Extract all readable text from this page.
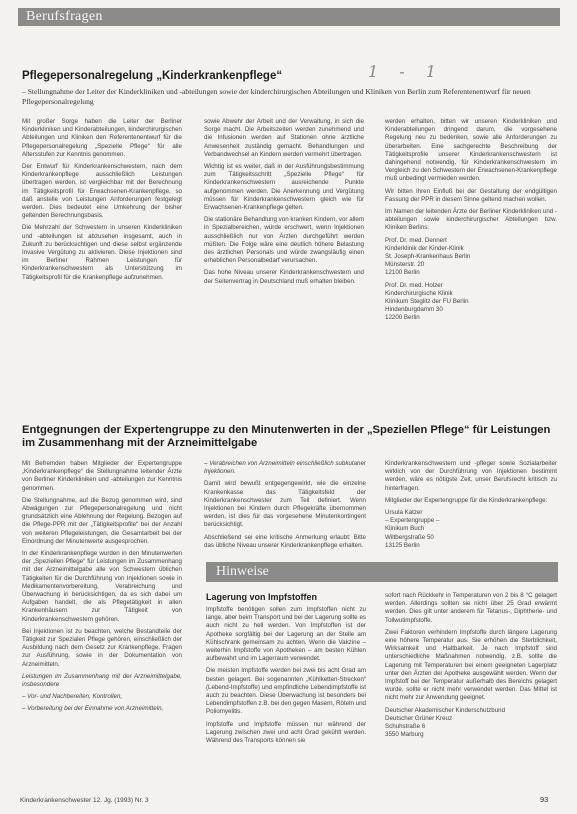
Berufsfragen
Pflegepersonalregelung „Kinderkrankenpflege“	1 - 1
– Stellungnahme der Leiter der Kinderkliniken und -abteilungen sowie der kinderchirurgischen Abteilungen und Kliniken von Berlin zum Referentenentwurf für neuen Pflegepersonalregelung

Mit großer Sorge haben die Leiter der Berliner Kinderkliniken und Kinderabteilungen, kinderchirurgischen Abteilungen und Kliniken den Referentenentwurf für die Pflegepersonalregelung „Spezielle Pflege“ für alle Altersstufen zur Kenntnis genommen.

Der Entwurf für Kinderkrankenschwestern, nach dem Kinderkrankenpflege ausschließlich Leistungen übertragen werden, ist vergleichbar mit der Berechnung im Tätigkeitsprofil für Erwachsenen-Krankenpflege, so daß anstelle von Leistungen Anforderungen festgelegt werden. Dies bedeutet eine Umkehrung der bisher geltenden Berechnungsbasis.

Die Mehrzahl der Schwestern in unseren Kinderkliniken und -abteilungen ist abzusehen insgesamt, auch in Zukunft zu berücksichtigen und diese selbst ergänzende Invasive Vergütung zu aktivieren. Diese Injektionen sind im Berliner Rahmen Leistungen für Kinderkrankenschwestern als Unterstützung im Tätigkeitsprofil für die Krankenpflege aufzunehmen.

sowie Abwehr der Arbeit und der Verwaltung, in sich die Sorge macht. Die Arbeitszeiten werden zunehmend und die Infusionen werden auf Stationen ohne ärztliche Anwesenheit zuständig gemacht. Behandlungen und Verbandwechsel an Kindern werden vermehrt übertragen.

Wichtig ist es weiter, daß in der Ausführungsbestimmung zum Tätigkeitsschritt „Spezielle Pflege“ für Kinderkrankenschwestern ausreichende Punkte aufgenommen werden. Die Anerkennung und Vergütung müssen für Kinderkrankenschwestern gleich wie für Erwachsenen-Krankenpflege gelten.

Die stationäre Behandlung von kranken Kindern, vor allem in Spezialbereichen, würde erschwert, wenn Injektionen ausschließlich nur von Ärzten durchgeführt werden müßten. Die Folge wäre eine deutlich höhere Belastung des ärztlichen Personals und würde zwangsläufig einen erheblichen Personalbedarf verursachen.

Das hohe Niveau unserer Kinderkrankenschwestern und der Seitenvertrag in Deutschland muß erhalten bleiben.

werden erhalten, bitten wir unseren Kinderkliniken und Kinderabteilungen dringend darum, die vorgesehene Regelung neu zu bedenken, sowie alle Anforderungen zu überarbeiten. Eine sachgerechte Beschreibung der Tätigkeitsprofile unserer Kinderkrankenschwestern ist dahingehend notwendig, für Kinderkrankenschwestern im Vergleich zu den Schwestern der Erwachsenen-Krankenpflege muß unbedingt vermieden werden.

Wir bitten Ihren Einfluß bei der Gestaltung der endgültigen Fassung der PPR in diesem Sinne geltend machen wollen.

Im Namen der leitenden Ärzte der Berliner Kinderkliniken und -abteilungen sowie kinderchirurgischer Abteilungen bzw. Kliniken Berlins:

Prof. Dr. med. Dennert
Kinderklinik der Kinder-Klinik
St. Joseph-Krankenhaus Berlin
Münsterstr. 20
12100 Berlin

Prof. Dr. med. Holzer
Kinderchirurgische Klinik
Klinikum Steglitz der FU Berlin
Hindenburgdamm 30
12200 Berlin

Entgegnungen der Expertengruppe zu den Minutenwerten in der „Speziellen Pflege“ für Leistungen im Zusammenhang mit der Arzneimittelgabe

Mit Befremden haben Mitglieder der Expertengruppe „Kinderkrankenpflege“ die Stellungnahme leitender Ärzte von Berliner Kinderkliniken und -abteilungen zur Kenntnis genommen.

Die Stellungnahme, auf die Bezug genommen wird, sind Abwägungen zur Pflegepersonalregelung und nicht grundsätzlich eine Ablehnung der Regelung. Bezogen auf die Pflege-PPR mit der „Tätigkeitsprofile“ bei der Anzahl von weiteren Pflegeleistungen, die Gesamtarbeit bei der Einordnung der Minutenwerte ausgesprochen.

In der Kinderkrankenpflege wurden in den Minutenwerten der „Speziellen Pflege“ für Leistungen im Zusammenhang mit der Arzneimittelgabe alle von Schwestern üblichen Tätigkeiten für die Durchführung von Injektionen sowie in Medikamentenvorbereitung, Verabreichung und Überwachung in berücksichtigen, da es sich dabei um Aufgaben handelt, die als Pflegetätigkeit in allen Krankenhäusern zur Tätigkeit von Kinderkrankenschwestern gehören.

Bei Injektionen ist zu beachten, welche Bestandteile der Tätigkeit zur Spezialen Pflege gehören, einschließlich der Ausbildung nach dem Gesetz zur Krankenpflege, Fragen zur Ausführung, sowie in der Dokumentation von Arzneimitteln.

Leistungen im Zusammenhang mit der Arzneimittelgabe, insbesondere

– Vor- und Nachbereiten, Kontrollen,

– Vorbereitung bei der Einnahme von Arzneimitteln,

– Verabreichen von Arzneimitteln einschließlich subkutaner Injektionen.

Damit wird bewußt entgegengewirkt, wie die einzelne Krankenkasse das Tätigkeitsfeld der Kinderkrankenschwester zum Teil definiert. Wenn Injektionen bei Kindern durch Pflegekräfte übernommen werden, ist dies für das vorgesehene Minutenkontingent berücksichtigt.

Abschließend sei eine kritische Anmerkung erlaubt: Bitte das übliche Niveau unserer Kinderkrankenpflege erhalten.

Kinderkrankenschwestern und -pfleger sowie Sozialarbeiter wirklich von der Durchführung von Injektionen bestimmt werden, wäre es nötigste Zeit, unser Berufsrecht kritisch zu hinterfragen.

Mitglieder der Expertengruppe für die Kinderkrankenpflege:

Ursula Katzer
– Expertengruppe –
Klinikum Buch
Wiltbergstraße 50
13125 Berlin

Hinweise
Lagerung von Impfstoffen

Impfstoffe benötigen sollen zum Impfstoffen nicht zu lange, aber beim Transport und bei der Lagerung sollte es auch nicht zu hell werden. Von Impfstoffen ist der Apotheke sorgfältig bei der Lagerung an der Stelle am Kühlschrank gemeinsam zu achten. Wenn die Vakzine – weiterhin Impfstoffe von Apotheken – am besten Kühlen aufbewahrt und im Lagerraum verwendet.

Die meisten Impfstoffe werden bei zwei bis acht Grad am besten gelagert. Bei sogenannten „Kühlketten-Strecken“ (Lebend-Impfstoffe) und empfindliche Lebendimpfstoffe ist auch zu beachten. Diese Überwachung ist besonders bei Lebendimpfstoffen z.B. bei den gegen Masern, Röteln und Poliomyelitis.

Impfstoffe und Impfstoffe müssen nur während der Lagerung zwischen zwei und acht Grad gekühlt werden. Während des Transports können sie

sofort nach Rückkehr in Temperaturen von 2 bis 8 °C gelagert werden. Allerdings sollten sie nicht über 25 Grad erwärmt werden. Dies gilt unter anderem für Tetanus-, Diphtherie- und Tollwutimpfstoffe.

Zwei Faktoren verhindern Impfstoffe durch längere Lagerung eine höhere Temperatur aus. Sie erhöhen die Sterblichkeit, Wirksamkeit und Haltbarkeit. Je nach Impfstoff sind unterschiedliche Maßnahmen notwendig, z.B. sollte die Lagerung mit Temperaturen bei einem geeigneten Lagerplatz unter den Ärzten der Apotheke ausgewählt werden. Wenn der Impfstoff bei der Temperatur außerhalb des Bereichs gelagert wurde, sollte er nicht mehr verwendet werden. Das Mittel ist nicht mehr zur Anwendung geeignet.

Deutscher Akademischer Kinderschutzbund
Deutscher Grüner Kreuz
Schuhstraße 6
3550 Marburg

Kinderkrankenschwester 12. Jg. (1993) Nr. 3	93
